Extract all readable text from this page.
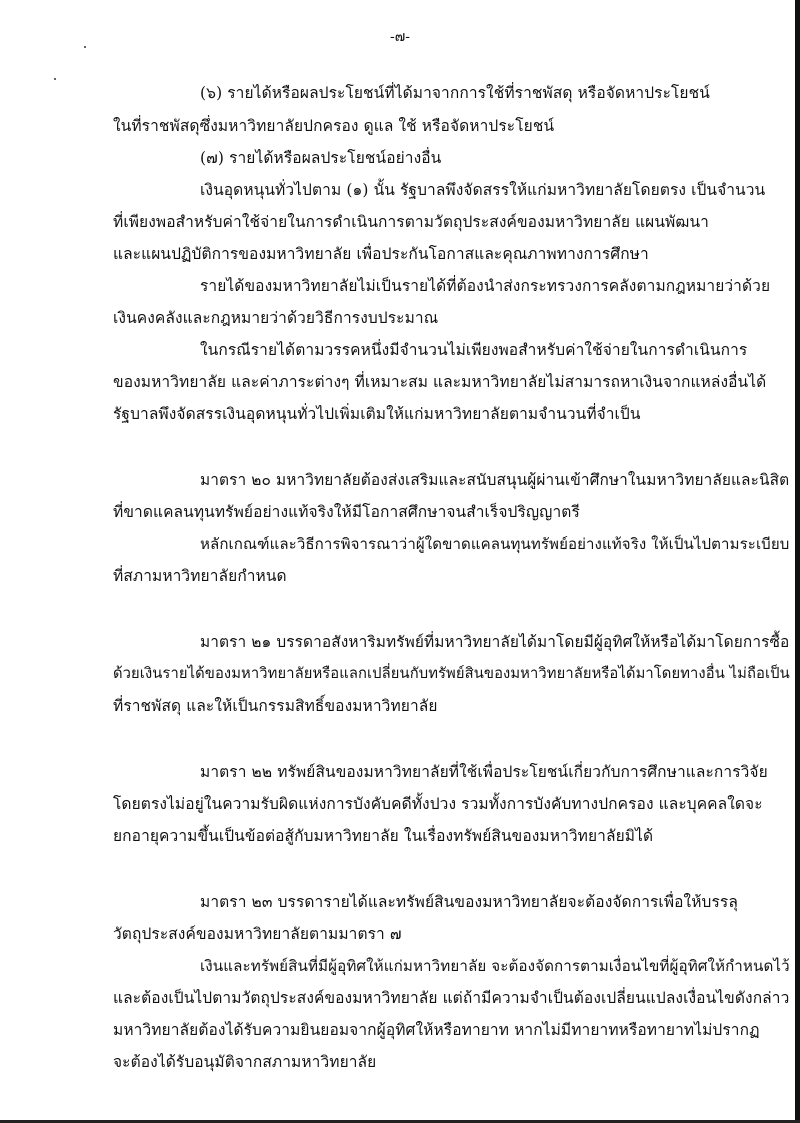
-๗-
(๖) รายได้หรือผลประโยชน์ที่ได้มาจากการใช้ที่ราชพัสดุ หรือจัดหาประโยชน์
ในที่ราชพัสดุซึ่งมหาวิทยาลัยปกครอง ดูแล ใช้ หรือจัดหาประโยชน์
(๗) รายได้หรือผลประโยชน์อย่างอื่น
เงินอุดหนุนทั่วไปตาม (๑) นั้น รัฐบาลพึงจัดสรรให้แก่มหาวิทยาลัยโดยตรง เป็นจำนวน
ที่เพียงพอสำหรับค่าใช้จ่ายในการดำเนินการตามวัตถุประสงค์ของมหาวิทยาลัย แผนพัฒนา
และแผนปฏิบัติการของมหาวิทยาลัย เพื่อประกันโอกาสและคุณภาพทางการศึกษา
รายได้ของมหาวิทยาลัยไม่เป็นรายได้ที่ต้องนำส่งกระทรวงการคลังตามกฎหมายว่าด้วย
เงินคงคลังและกฎหมายว่าด้วยวิธีการงบประมาณ
ในกรณีรายได้ตามวรรคหนึ่งมีจำนวนไม่เพียงพอสำหรับค่าใช้จ่ายในการดำเนินการ
ของมหาวิทยาลัย และค่าภาระต่างๆ ที่เหมาะสม และมหาวิทยาลัยไม่สามารถหาเงินจากแหล่งอื่นได้
รัฐบาลพึงจัดสรรเงินอุดหนุนทั่วไปเพิ่มเติมให้แก่มหาวิทยาลัยตามจำนวนที่จำเป็น
มาตรา ๒๐ มหาวิทยาลัยต้องส่งเสริมและสนับสนุนผู้ผ่านเข้าศึกษาในมหาวิทยาลัยและนิสิต
ที่ขาดแคลนทุนทรัพย์อย่างแท้จริงให้มีโอกาสศึกษาจนสำเร็จปริญญาตรี
หลักเกณฑ์และวิธีการพิจารณาว่าผู้ใดขาดแคลนทุนทรัพย์อย่างแท้จริง ให้เป็นไปตามระเบียบ
ที่สภามหาวิทยาลัยกำหนด
มาตรา ๒๑ บรรดาอสังหาริมทรัพย์ที่มหาวิทยาลัยได้มาโดยมีผู้อุทิศให้หรือได้มาโดยการซื้อ
ด้วยเงินรายได้ของมหาวิทยาลัยหรือแลกเปลี่ยนกับทรัพย์สินของมหาวิทยาลัยหรือได้มาโดยทางอื่น ไม่ถือเป็น
ที่ราชพัสดุ และให้เป็นกรรมสิทธิ์ของมหาวิทยาลัย
มาตรา ๒๒ ทรัพย์สินของมหาวิทยาลัยที่ใช้เพื่อประโยชน์เกี่ยวกับการศึกษาและการวิจัย
โดยตรงไม่อยู่ในความรับผิดแห่งการบังคับคดีทั้งปวง รวมทั้งการบังคับทางปกครอง และบุคคลใดจะ
ยกอายุความขึ้นเป็นข้อต่อสู้กับมหาวิทยาลัย ในเรื่องทรัพย์สินของมหาวิทยาลัยมิได้
มาตรา ๒๓ บรรดารายได้และทรัพย์สินของมหาวิทยาลัยจะต้องจัดการเพื่อให้บรรลุ
วัตถุประสงค์ของมหาวิทยาลัยตามมาตรา ๗
เงินและทรัพย์สินที่มีผู้อุทิศให้แก่มหาวิทยาลัย จะต้องจัดการตามเงื่อนไขที่ผู้อุทิศให้กำหนดไว้
และต้องเป็นไปตามวัตถุประสงค์ของมหาวิทยาลัย แต่ถ้ามีความจำเป็นต้องเปลี่ยนแปลงเงื่อนไขดังกล่าว
มหาวิทยาลัยต้องได้รับความยินยอมจากผู้อุทิศให้หรือทายาท หากไม่มีทายาทหรือทายาทไม่ปรากฏ
จะต้องได้รับอนุมัติจากสภามหาวิทยาลัย
